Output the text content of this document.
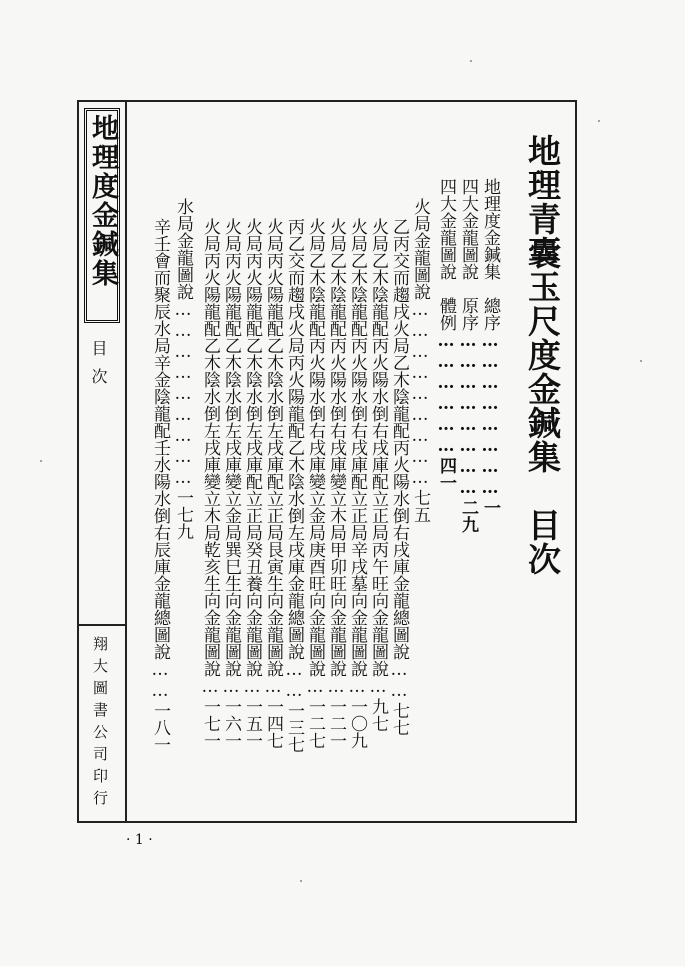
地理度金鍼集
目次
翔大圖書公司印行
· 1 ·
地理青囊玉尺度金鍼集　目次
地理度金鍼集　總序……………………一
四大金龍圖說　原序……………………二九
四大金龍圖說　體例………………四一
火局金龍圖說………………………七五
乙丙交而趨戌火局乙木陰龍配丙火陽水倒右戌庫金龍總圖說……七七
火局乙木陰龍配丙火陽水倒右戌庫配立正局丙午旺向金龍圖說…九七
火局乙木陰龍配丙火陽水倒右戌庫配立正局辛戌墓向金龍圖說…一〇九
火局乙木陰龍配丙火陽水倒右戌庫變立木局甲卯旺向金龍圖說…一二一
火局乙木陰龍配丙火陽水倒右戌庫變立金局庚酉旺向金龍圖說…一二七
丙乙交而趨戌火局丙火陽龍配乙木陰水倒左戌庫金龍總圖說……一三七
火局丙火陽龍配乙木陰水倒左戌庫配立正局艮寅生向金龍圖說…一四七
火局丙火陽龍配乙木陰水倒左戌庫配立正局癸丑養向金龍圖說…一五一
火局丙火陽龍配乙木陰水倒左戌庫變立金局巽巳生向金龍圖說…一六一
火局丙火陽龍配乙木陰水倒左戌庫變立木局乾亥生向金龍圖說…一七一
水局金龍圖說………………………一七九
辛壬會而聚辰水局辛金陰龍配壬水陽水倒右辰庫金龍總圖說……一八一
